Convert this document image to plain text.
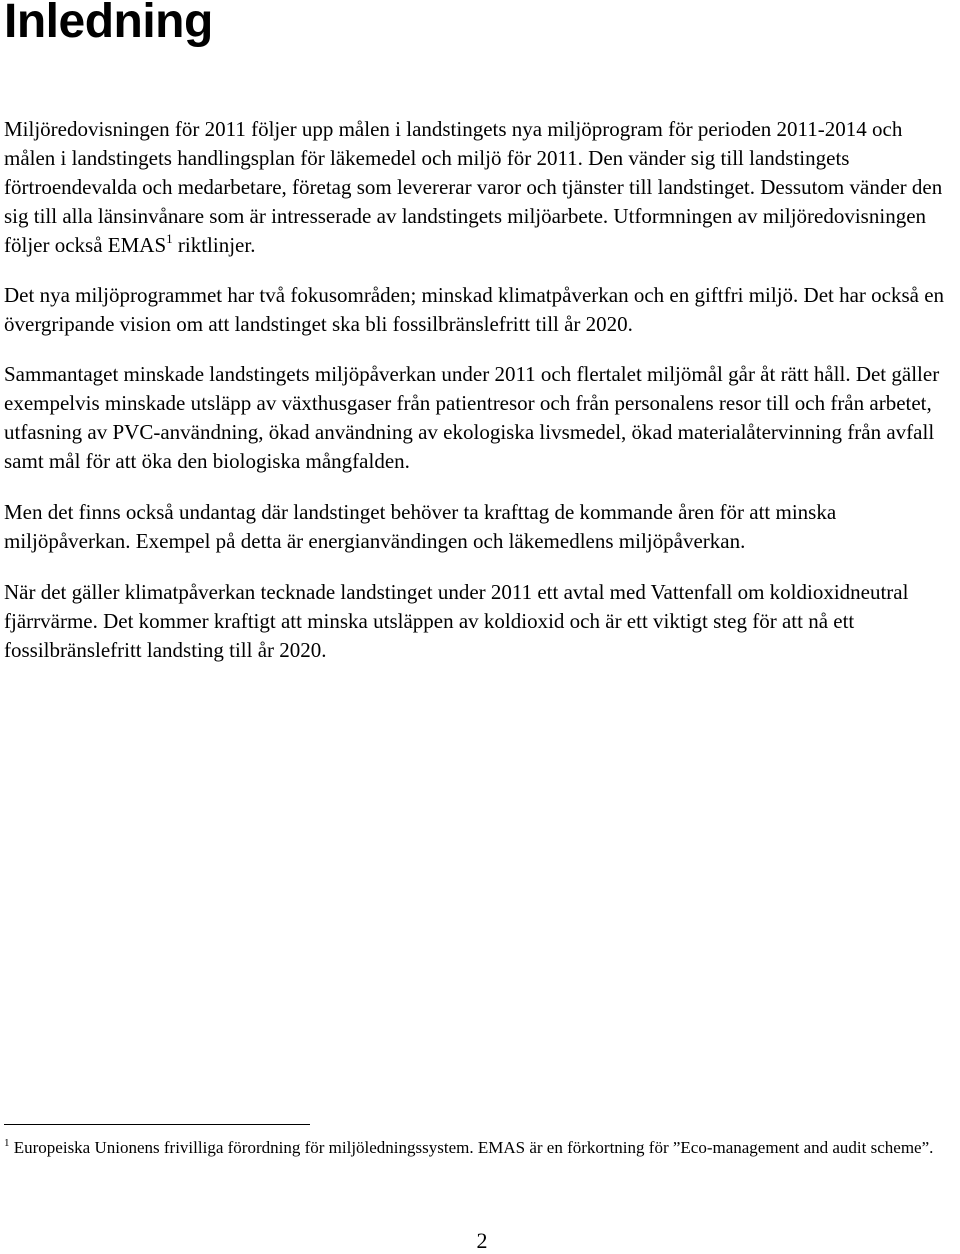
Inledning

Miljöredovisningen för 2011 följer upp målen i landstingets nya miljöprogram för perioden 2011-2014 och målen i landstingets handlingsplan för läkemedel och miljö för 2011. Den vänder sig till landstingets förtroendevalda och medarbetare, företag som levererar varor och tjänster till landstinget. Dessutom vänder den sig till alla länsinvånare som är intresserade av landstingets miljöarbete. Utformningen av miljöredovisningen följer också EMAS$^1$ riktlinjer.

Det nya miljöprogrammet har två fokusområden; minskad klimatpåverkan och en giftfri miljö. Det har också en övergripande vision om att landstinget ska bli fossilbränslefritt till år 2020.

Sammantaget minskade landstingets miljöpåverkan under 2011 och flertalet miljömål går åt rätt håll. Det gäller exempelvis minskade utsläpp av växthusgaser från patientresor och från personalens resor till och från arbetet, utfasning av PVC-användning, ökad användning av ekologiska livsmedel, ökad materialåtervinning från avfall samt mål för att öka den biologiska mångfalden.

Men det finns också undantag där landstinget behöver ta krafttag de kommande åren för att minska miljöpåverkan. Exempel på detta är energianvändingen och läkemedlens miljöpåverkan.

När det gäller klimatpåverkan tecknade landstinget under 2011 ett avtal med Vattenfall om koldioxidneutral fjärrvärme. Det kommer kraftigt att minska utsläppen av koldioxid och är ett viktigt steg för att nå ett fossilbränslefritt landsting till år 2020.

$^1$ Europeiska Unionens frivilliga förordning för miljöledningssystem. EMAS är en förkortning för ”Eco-management and audit scheme”.

2
